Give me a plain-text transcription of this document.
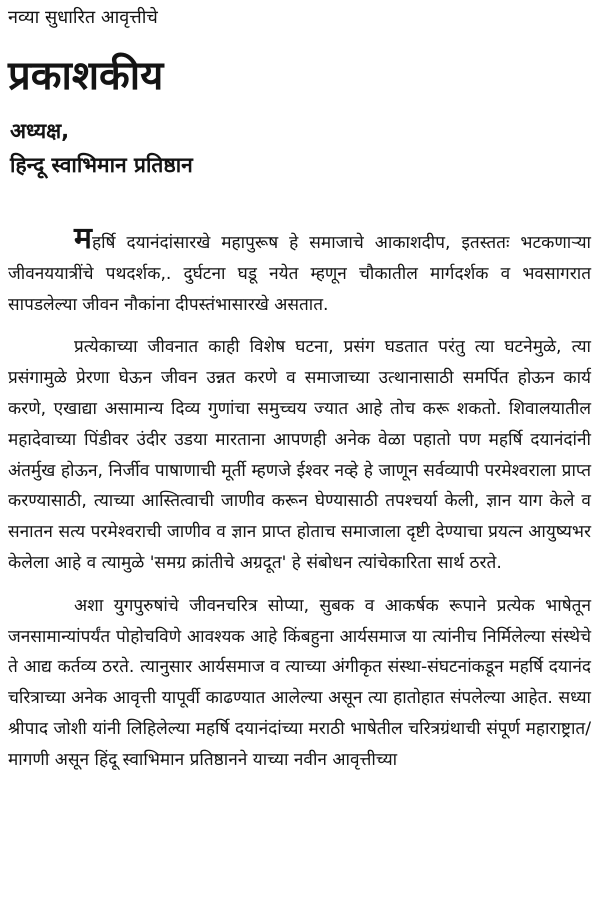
नव्या सुधारित आवृत्तीचे
प्रकाशकीय
अध्यक्ष,
हिन्दू स्वाभिमान प्रतिष्ठान

महर्षि दयानंदांसारखे महापुरूष हे समाजाचे आकाशदीप, इतस्ततः भटकणाऱ्या जीवनययात्रींचे पथदर्शक,. दुर्घटना घडू नयेत म्हणून चौकातील मार्गदर्शक व भवसागरात सापडलेल्या जीवन नौकांना दीपस्तंभासारखे असतात.

प्रत्येकाच्या जीवनात काही विशेष घटना, प्रसंग घडतात परंतु त्या घटनेमुळे, त्या प्रसंगामुळे प्रेरणा घेऊन जीवन उन्नत करणे व समाजाच्या उत्थानासाठी समर्पित होऊन कार्य करणे, एखाद्या असामान्य दिव्य गुणांचा समुच्चय ज्यात आहे तोच करू शकतो. शिवालयातील महादेवाच्या पिंडीवर उंदीर उडया मारताना आपणही अनेक वेळा पहातो पण महर्षि दयानंदांनी अंतर्मुख होऊन, निर्जीव पाषाणाची मूर्ती म्हणजे ईश्वर नव्हे हे जाणून सर्वव्यापी परमेश्वराला प्राप्त करण्यासाठी, त्याच्या आस्तित्वाची जाणीव करून घेण्यासाठी तपश्चर्या केली, ज्ञान याग केले व सनातन सत्य परमेश्वराची जाणीव व ज्ञान प्राप्त होताच समाजाला दृष्टी देण्याचा प्रयत्न आयुष्यभर केलेला आहे व त्यामुळे 'समग्र क्रांतीचे अग्रदूत' हे संबोधन त्यांचेकारिता सार्थ ठरते.

अशा युगपुरुषांचे जीवनचरित्र सोप्या, सुबक व आकर्षक रूपाने प्रत्येक भाषेतून जनसामान्यांपर्यंत पोहोचविणे आवश्यक आहे किंबहुना आर्यसमाज या त्यांनीच निर्मिलेल्या संस्थेचे ते आद्य कर्तव्य ठरते. त्यानुसार आर्यसमाज व त्याच्या अंगीकृत संस्था-संघटनांकडून महर्षि दयानंद चरित्राच्या अनेक आवृत्ती यापूर्वी काढण्यात आलेल्या असून त्या हातोहात संपलेल्या आहेत. सध्या श्रीपाद जोशी यांनी लिहिलेल्या महर्षि दयानंदांच्या मराठी भाषेतील चरित्रग्रंथाची संपूर्ण महाराष्ट्रात/मागणी असून हिंदू स्वाभिमान प्रतिष्ठानने याच्या नवीन आवृत्तीच्या
